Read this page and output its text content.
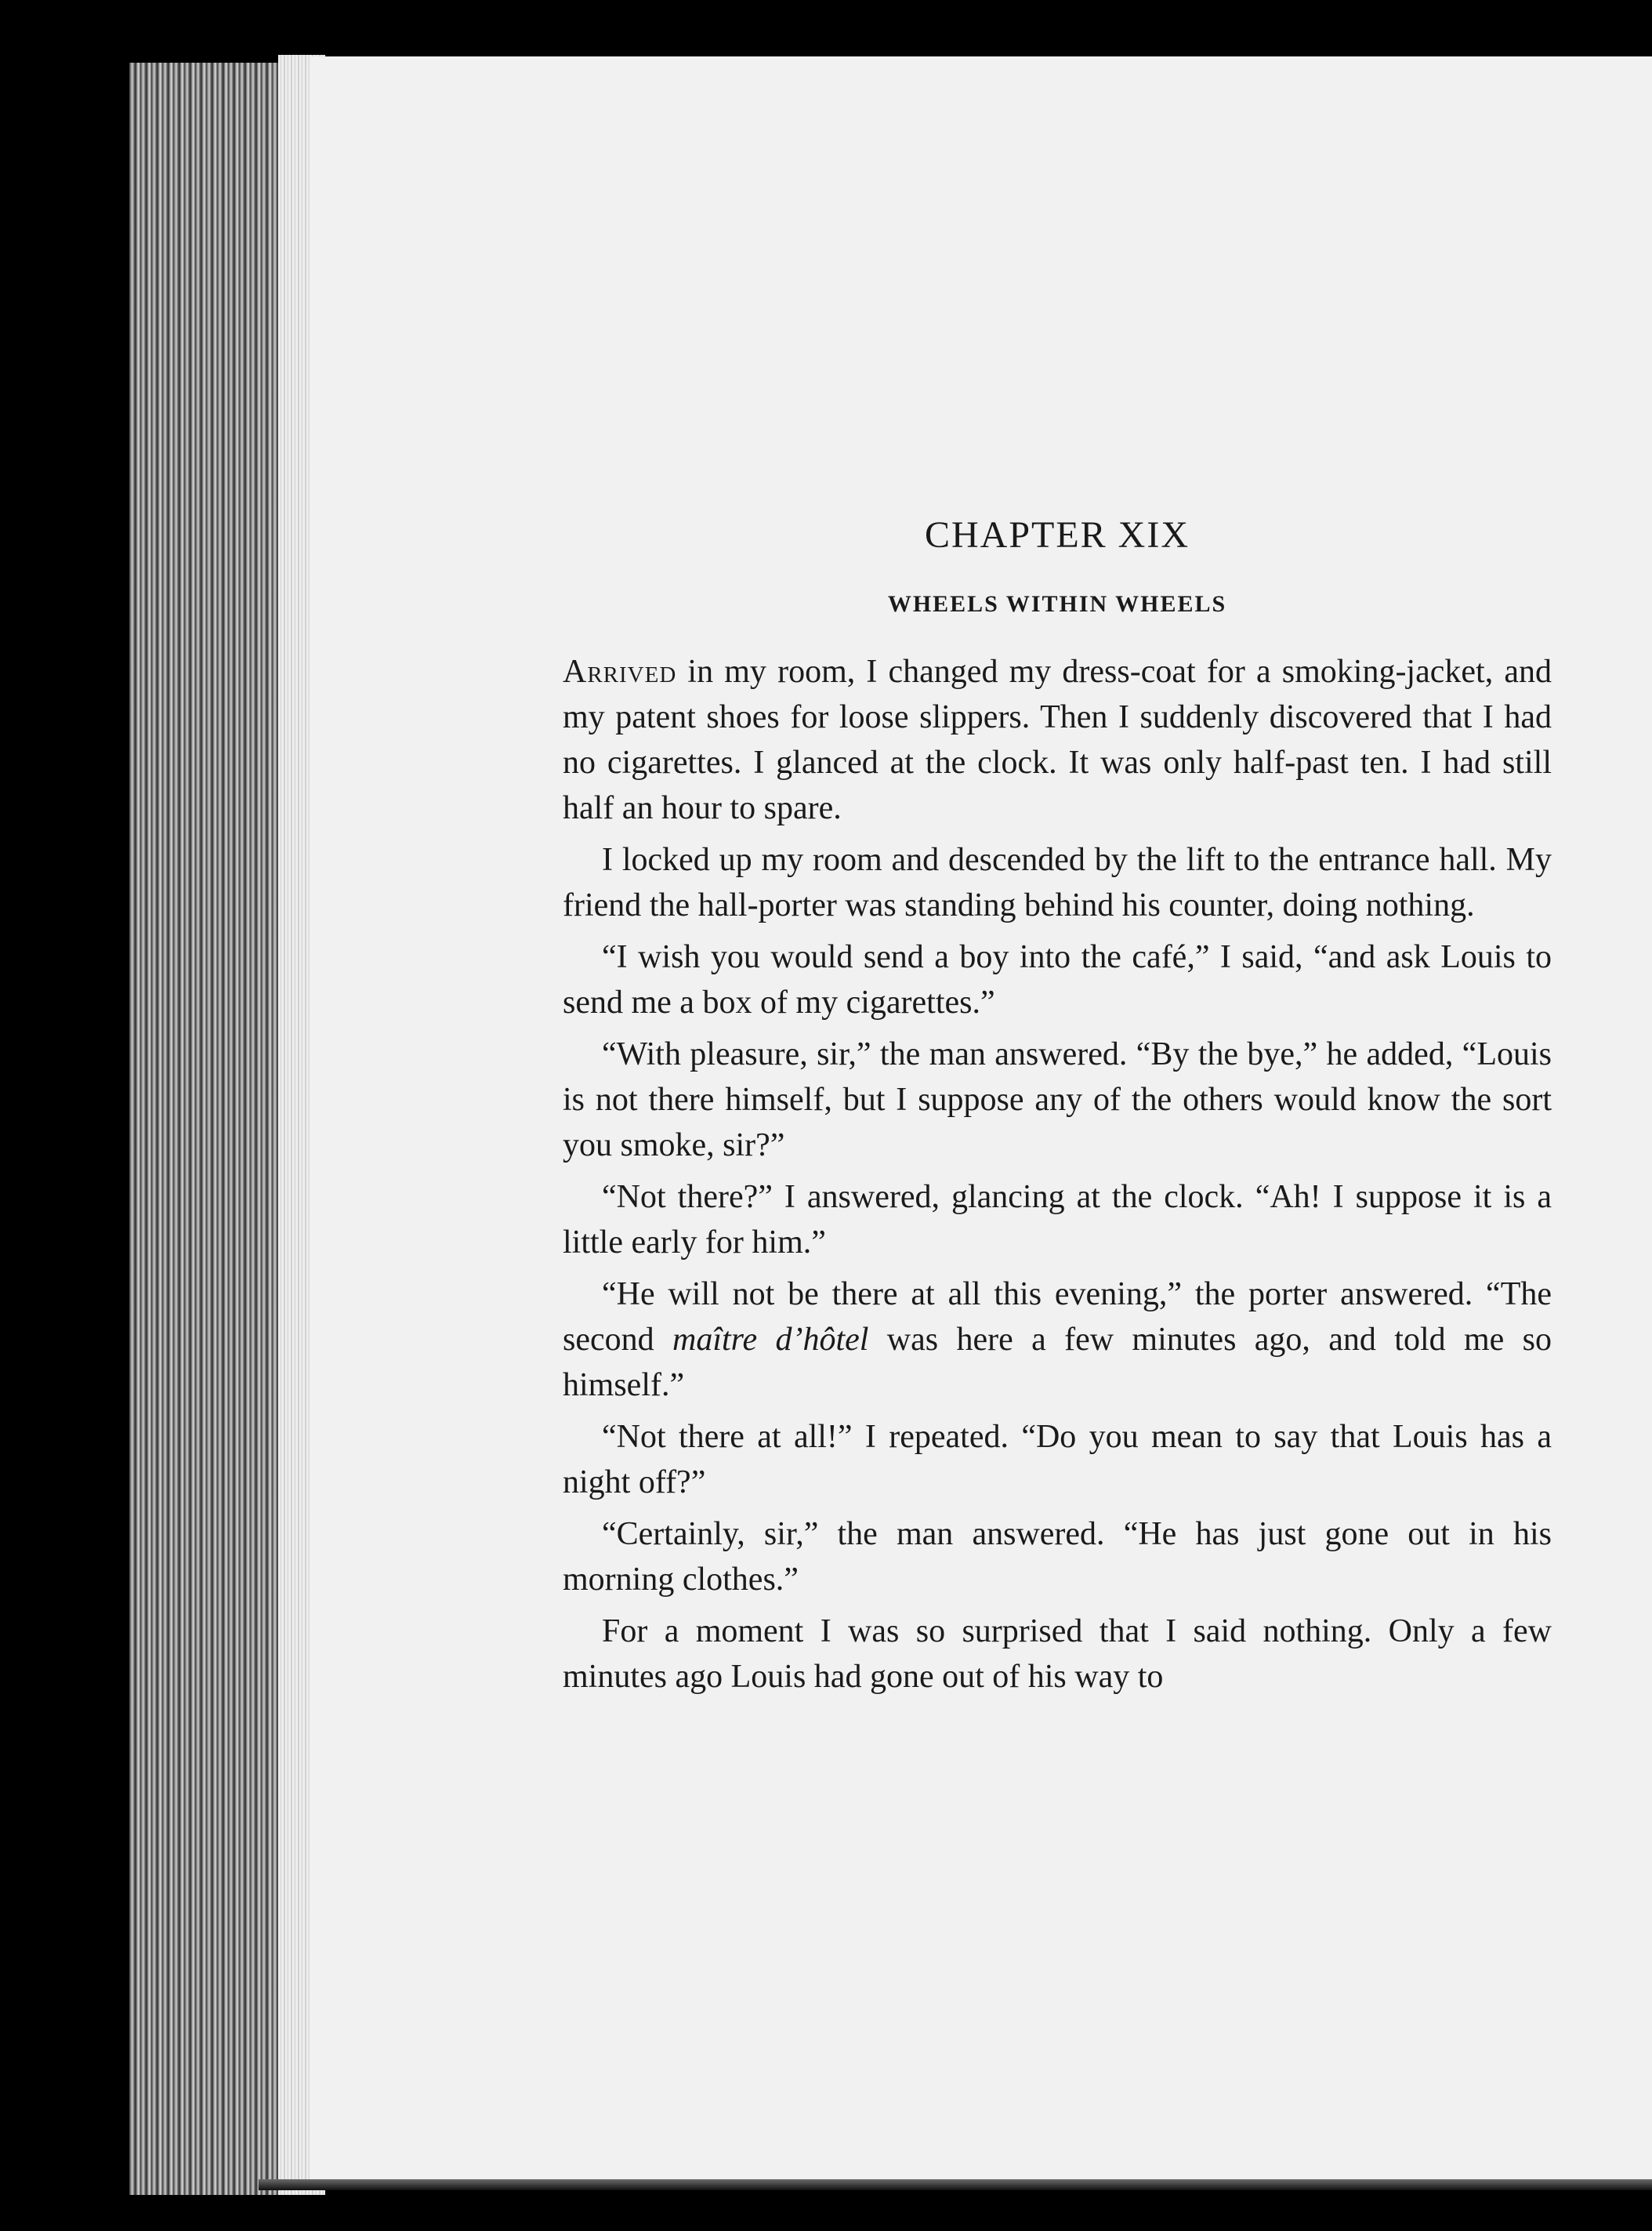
CHAPTER XIX
WHEELS WITHIN WHEELS

Arrived in my room, I changed my dress-coat for a smoking-jacket, and my patent shoes for loose slippers. Then I suddenly discovered that I had no cigarettes. I glanced at the clock. It was only half-past ten. I had still half an hour to spare.

I locked up my room and descended by the lift to the entrance hall. My friend the hall-porter was standing behind his counter, doing nothing.

“I wish you would send a boy into the café,” I said, “and ask Louis to send me a box of my cigarettes.”

“With pleasure, sir,” the man answered. “By the bye,” he added, “Louis is not there himself, but I suppose any of the others would know the sort you smoke, sir?”

“Not there?” I answered, glancing at the clock. “Ah! I suppose it is a little early for him.”

“He will not be there at all this evening,” the porter answered. “The second maître d’hôtel was here a few minutes ago, and told me so himself.”

“Not there at all!” I repeated. “Do you mean to say that Louis has a night off?”

“Certainly, sir,” the man answered. “He has just gone out in his morning clothes.”

For a moment I was so surprised that I said nothing. Only a few minutes ago Louis had gone out of his way to
